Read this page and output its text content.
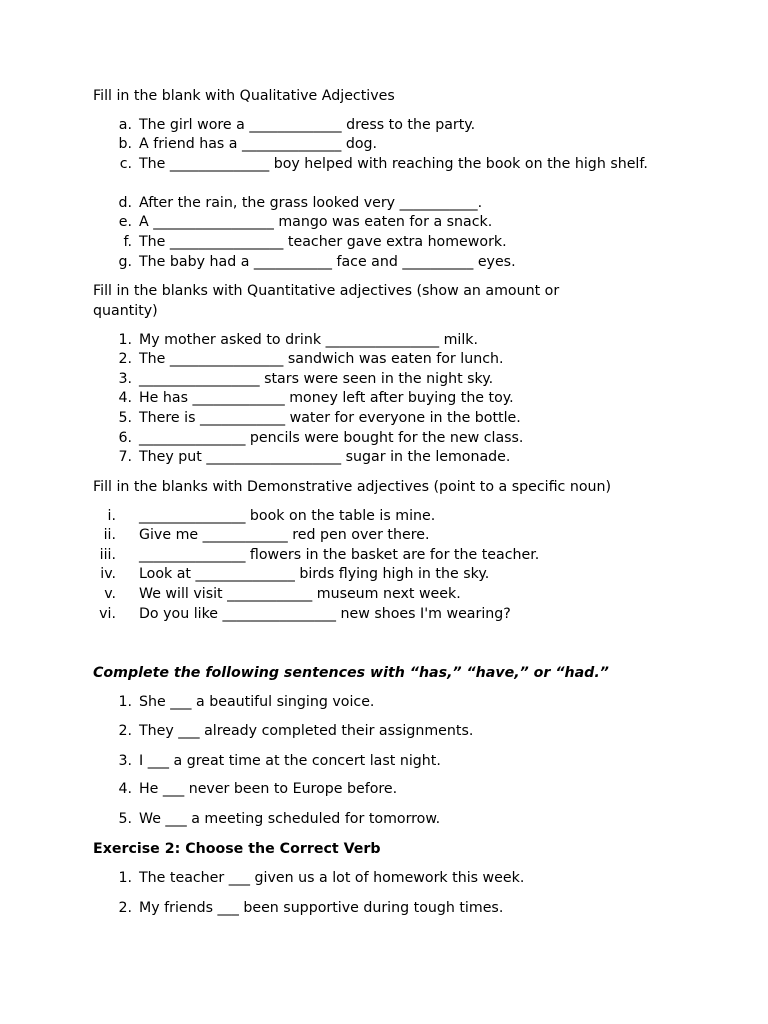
Fill in the blank with Qualitative Adjectives
a. The girl wore a _____________ dress to the party.
b. A friend has a ______________ dog.
c. The ______________ boy helped with reaching the book on the high shelf.
d. After the rain, the grass looked very ___________.
e. A _________________ mango was eaten for a snack.
f. The ________________ teacher gave extra homework.
g. The baby had a ___________ face and __________ eyes.
Fill in the blanks with Quantitative adjectives (show an amount or quantity)
1. My mother asked to drink ________________ milk.
2. The ________________ sandwich was eaten for lunch.
3. _________________ stars were seen in the night sky.
4. He has _____________ money left after buying the toy.
5. There is ____________ water for everyone in the bottle.
6. _______________ pencils were bought for the new class.
7. They put ___________________ sugar in the lemonade.
Fill in the blanks with Demonstrative adjectives (point to a specific noun)
i. _______________ book on the table is mine.
ii. Give me ____________ red pen over there.
iii. _______________ flowers in the basket are for the teacher.
iv. Look at ______________ birds flying high in the sky.
v. We will visit ____________ museum next week.
vi. Do you like ________________ new shoes I'm wearing?
Complete the following sentences with “has,” “have,” or “had.”
1. She ___ a beautiful singing voice.
2. They ___ already completed their assignments.
3. I ___ a great time at the concert last night.
4. He ___ never been to Europe before.
5. We ___ a meeting scheduled for tomorrow.
Exercise 2: Choose the Correct Verb
1. The teacher ___ given us a lot of homework this week.
2. My friends ___ been supportive during tough times.
